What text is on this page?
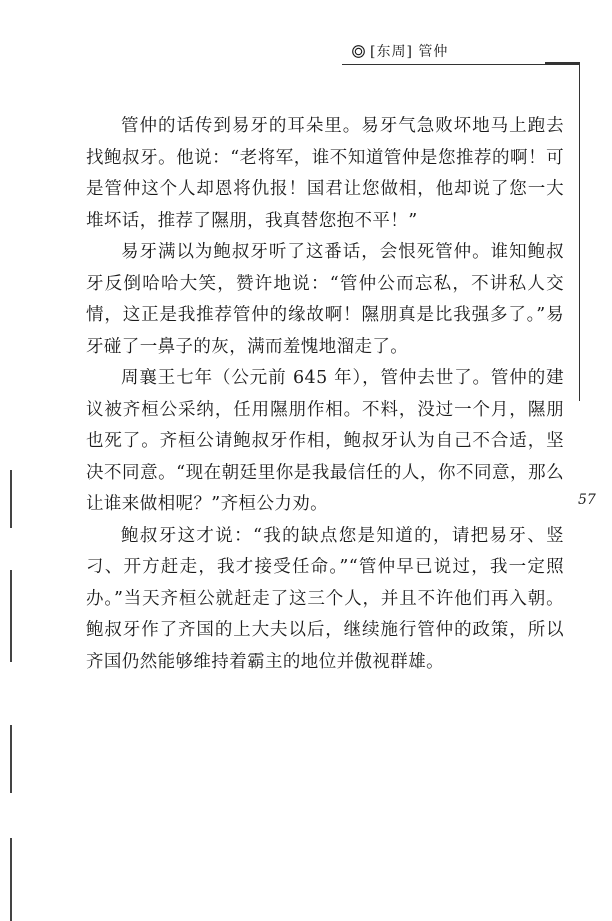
[东周] 管仲
57

管仲的话传到易牙的耳朵里。易牙气急败坏地马上跑去找鲍叔牙。他说：“老将军，谁不知道管仲是您推荐的啊！可是管仲这个人却恩将仇报！国君让您做相，他却说了您一大堆坏话，推荐了隰朋，我真替您抱不平！”

易牙满以为鲍叔牙听了这番话，会恨死管仲。谁知鲍叔牙反倒哈哈大笑，赞许地说：“管仲公而忘私，不讲私人交情，这正是我推荐管仲的缘故啊！隰朋真是比我强多了。”易牙碰了一鼻子的灰，满而羞愧地溜走了。

周襄王七年（公元前 645 年），管仲去世了。管仲的建议被齐桓公采纳，任用隰朋作相。不料，没过一个月，隰朋也死了。齐桓公请鲍叔牙作相，鲍叔牙认为自己不合适，坚决不同意。“现在朝廷里你是我最信任的人，你不同意，那么让谁来做相呢？”齐桓公力劝。

鲍叔牙这才说：“我的缺点您是知道的，请把易牙、竖刁、开方赶走，我才接受任命。”“管仲早已说过，我一定照办。”当天齐桓公就赶走了这三个人，并且不许他们再入朝。鲍叔牙作了齐国的上大夫以后，继续施行管仲的政策，所以齐国仍然能够维持着霸主的地位并傲视群雄。
